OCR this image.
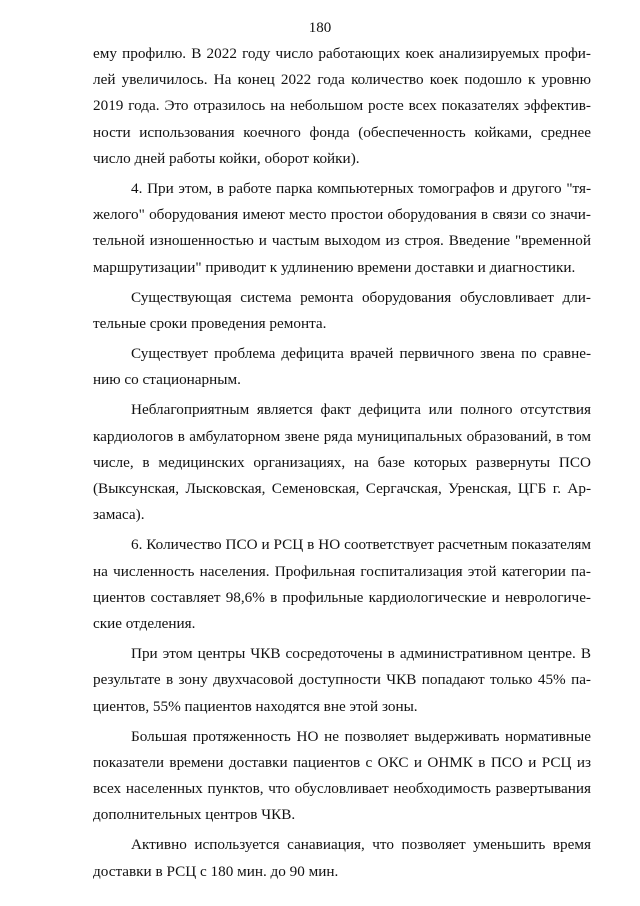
180
ему профилю. В 2022 году число работающих коек анализируемых профи-
лей увеличилось. На конец 2022 года количество коек подошло к уровню
2019 года. Это отразилось на небольшом росте всех показателях эффектив-
ности использования коечного фонда (обеспеченность койками, среднее
число дней работы койки, оборот койки).
4. При этом, в работе парка компьютерных томографов и другого "тя-
желого" оборудования имеют место простои оборудования в связи со значи-
тельной изношенностью и частым выходом из строя. Введение "временной
маршрутизации" приводит к удлинению времени доставки и диагностики.
Существующая система ремонта оборудования обусловливает дли-
тельные сроки проведения ремонта.
Существует проблема дефицита врачей первичного звена по сравне-
нию со стационарным.
Неблагоприятным является факт дефицита или полного отсутствия
кардиологов в амбулаторном звене ряда муниципальных образований, в том
числе, в медицинских организациях, на базе которых развернуты ПСО
(Выксунская, Лысковская, Семеновская, Сергачская, Уренская, ЦГБ г. Ар-
замаса).
6. Количество ПСО и РСЦ в НО соответствует расчетным показателям
на численность населения. Профильная госпитализация этой категории па-
циентов составляет 98,6% в профильные кардиологические и неврологиче-
ские отделения.
При этом центры ЧКВ сосредоточены в административном центре. В
результате в зону двухчасовой доступности ЧКВ попадают только 45% па-
циентов, 55% пациентов находятся вне этой зоны.
Большая протяженность НО не позволяет выдерживать нормативные
показатели времени доставки пациентов с ОКС и ОНМК в ПСО и РСЦ из
всех населенных пунктов, что обусловливает необходимость развертывания
дополнительных центров ЧКВ.
Активно используется санавиация, что позволяет уменьшить время
доставки в РСЦ с 180 мин. до 90 мин.
